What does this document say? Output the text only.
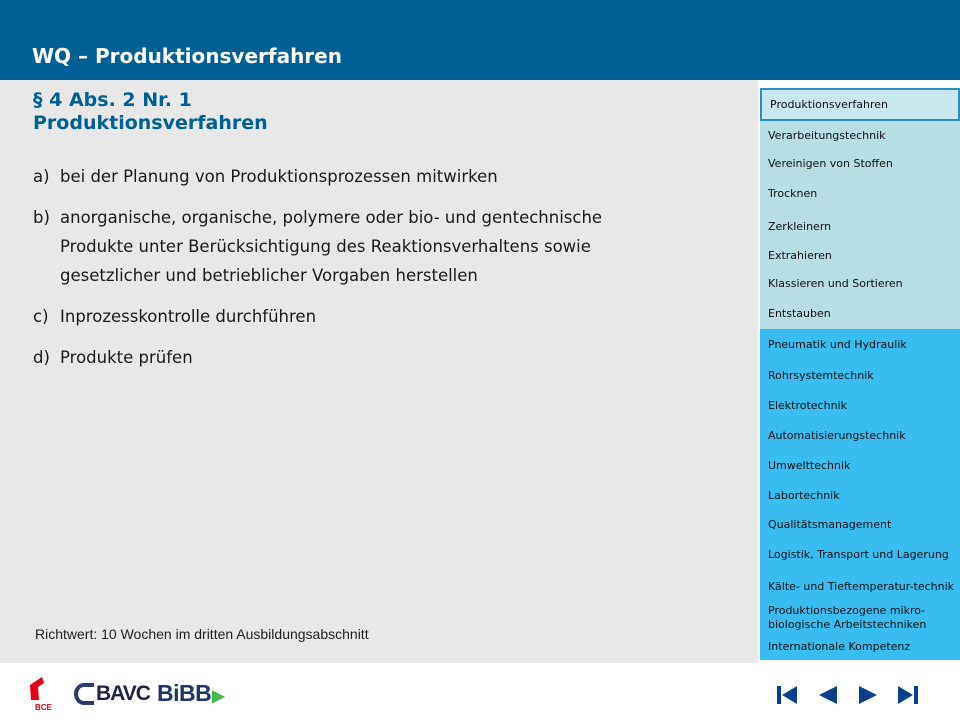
WQ – Produktionsverfahren
§ 4 Abs. 2 Nr. 1
Produktionsverfahren
a) bei der Planung von Produktionsprozessen mitwirken
b) anorganische, organische, polymere oder bio- und gentechnische
Produkte unter Berücksichtigung des Reaktionsverhaltens sowie
gesetzlicher und betrieblicher Vorgaben herstellen
c) Inprozesskontrolle durchführen
d) Produkte prüfen
Richtwert: 10 Wochen im dritten Ausbildungsabschnitt
Produktionsverfahren
Verarbeitungstechnik
Vereinigen von Stoffen
Trocknen
Zerkleinern
Extrahieren
Klassieren und Sortieren
Entstauben
Pneumatik und Hydraulik
Rohrsystemtechnik
Elektrotechnik
Automatisierungstechnik
Umwelttechnik
Labortechnik
Qualitätsmanagement
Logistik, Transport und Lagerung
Kälte- und Tieftemperatur-technik
Produktionsbezogene mikro-biologische Arbeitstechniken
Internationale Kompetenz
BCE
BAVC BiBB▶
